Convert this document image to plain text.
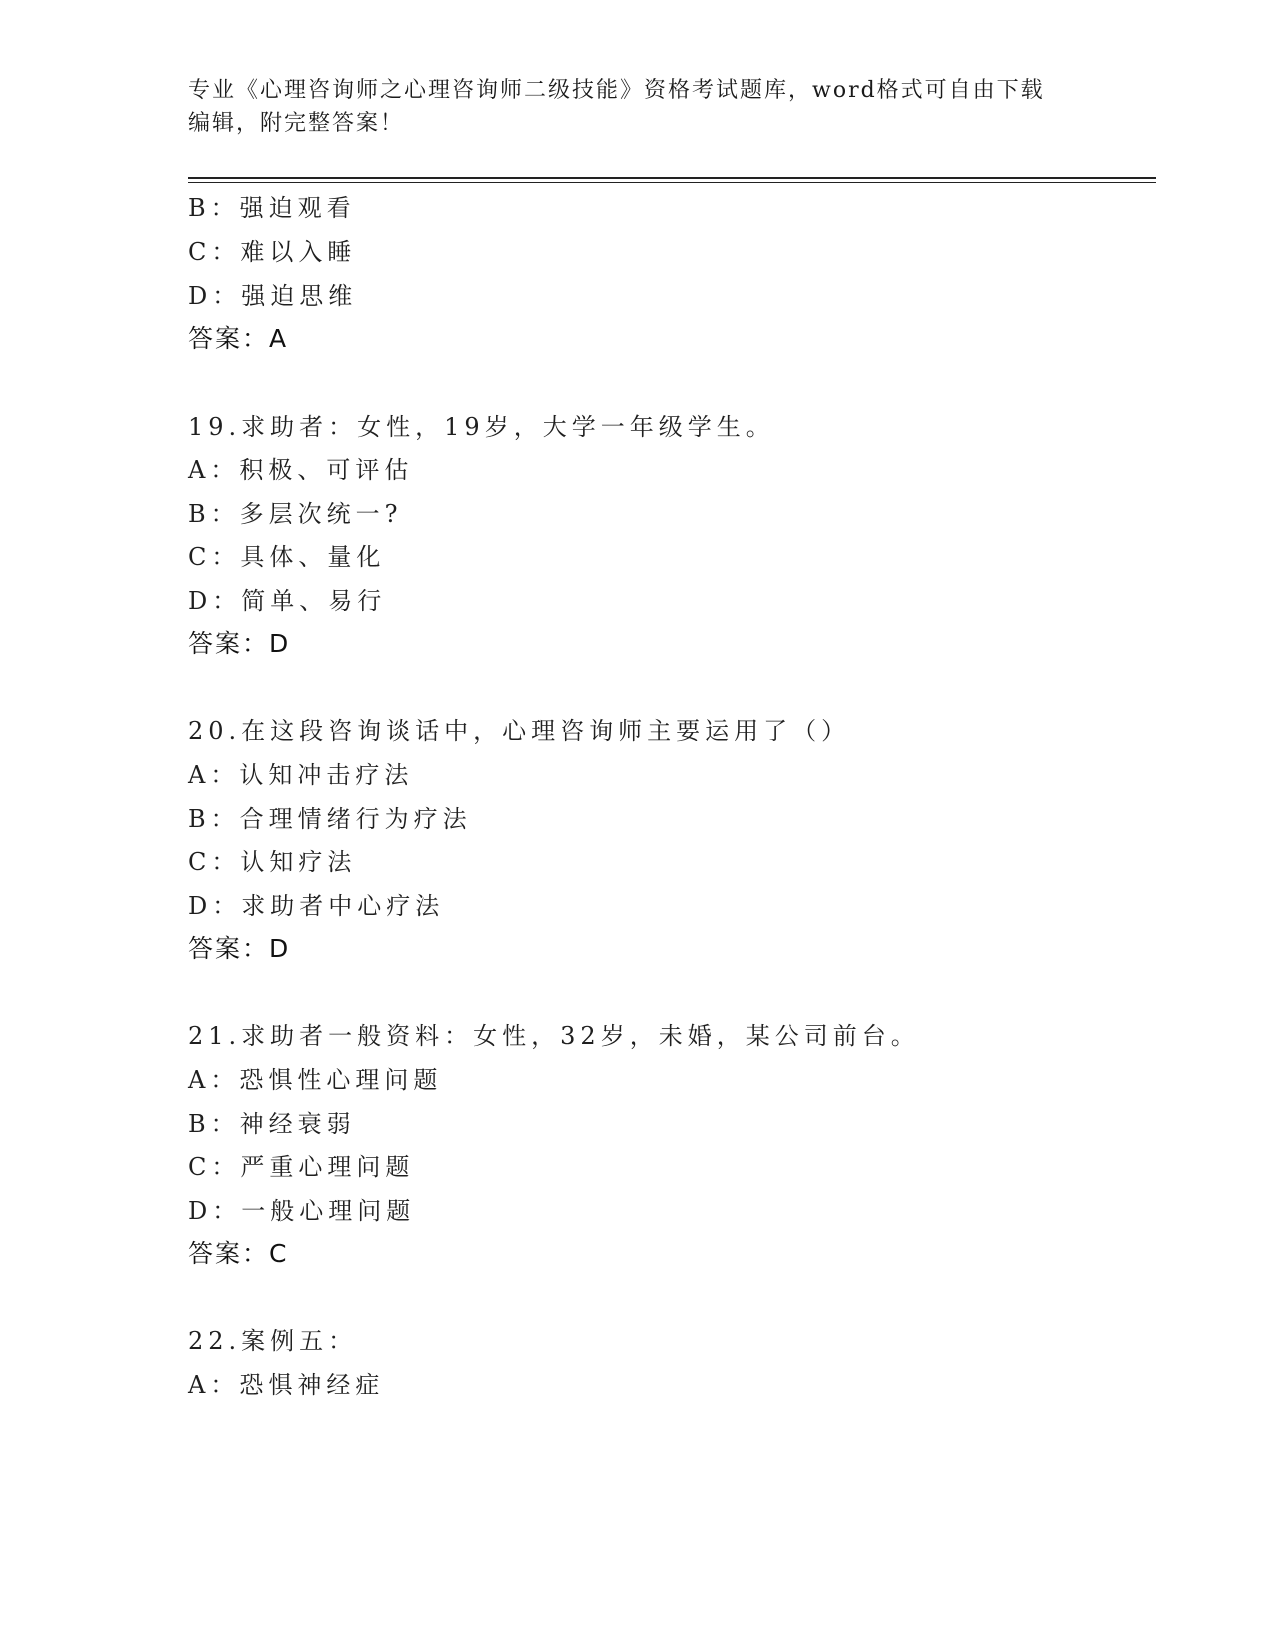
专业《心理咨询师之心理咨询师二级技能》资格考试题库，word格式可自由下载
编辑，附完整答案！
B：强迫观看
C：难以入睡
D：强迫思维
答案：A
19.求助者：女性，19岁，大学一年级学生。
A：积极、可评估
B：多层次统一?
C：具体、量化
D：简单、易行
答案：D
20.在这段咨询谈话中，心理咨询师主要运用了（）
A：认知冲击疗法
B：合理情绪行为疗法
C：认知疗法
D：求助者中心疗法
答案：D
21.求助者一般资料：女性，32岁，未婚，某公司前台。
A：恐惧性心理问题
B：神经衰弱
C：严重心理问题
D：一般心理问题
答案：C
22.案例五：
A：恐惧神经症
